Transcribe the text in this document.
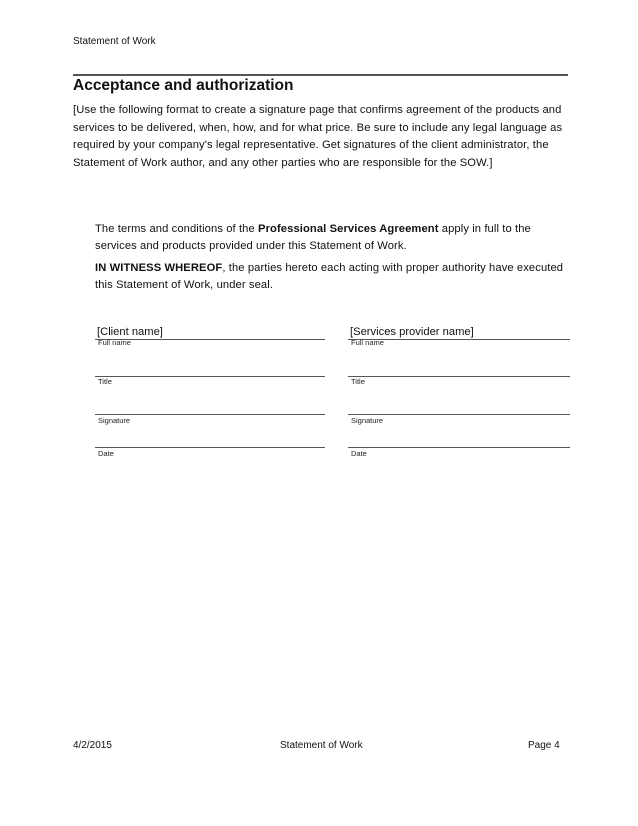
Statement of Work
Acceptance and authorization
[Use the following format to create a signature page that confirms agreement of the products and services to be delivered, when, how, and for what price. Be sure to include any legal language as required by your company's legal representative. Get signatures of the client administrator, the Statement of Work author, and any other parties who are responsible for the SOW.]
The terms and conditions of the Professional Services Agreement apply in full to the services and products provided under this Statement of Work.
IN WITNESS WHEREOF, the parties hereto each acting with proper authority have executed this Statement of Work, under seal.
[Client name]
Full name
Title
Signature
Date
[Services provider name]
Full name
Title
Signature
Date
4/2/2015	Statement of Work	Page 4
